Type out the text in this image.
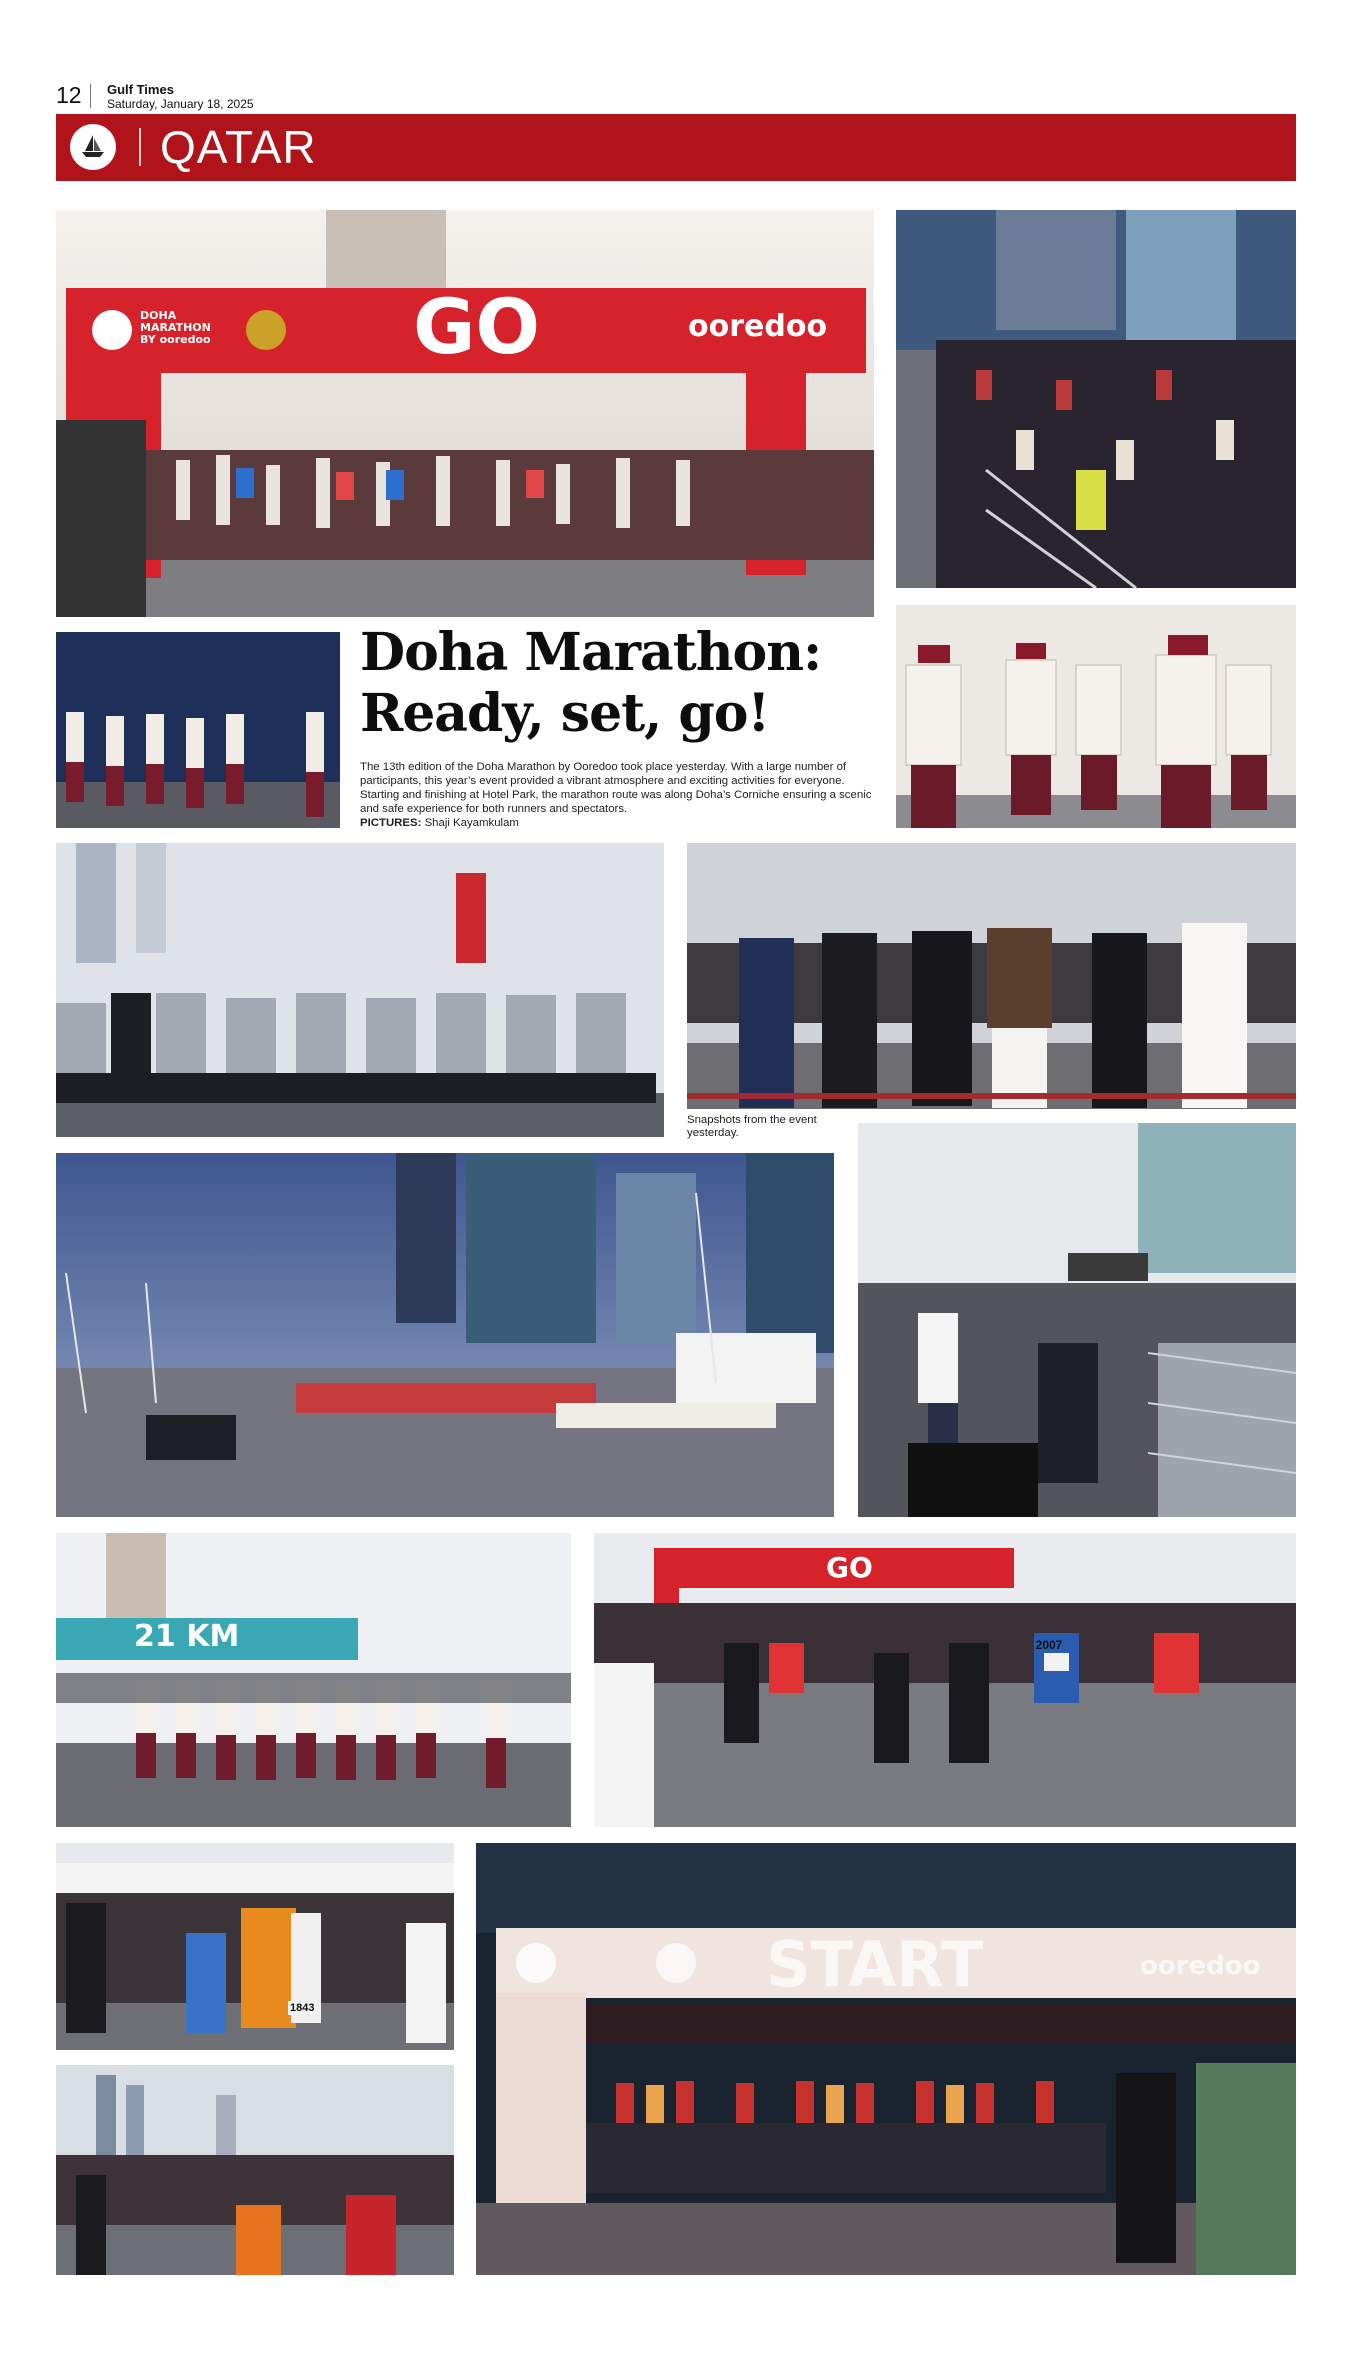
12 Gulf Times
Saturday, January 18, 2025
QATAR
GO	ooredoo
DOHA
MARATHON
BY ooredoo
Doha Marathon:
Ready, set, go!
The 13th edition of the Doha Marathon by Ooredoo took place yesterday. With a large number of participants, this year’s event provided a vibrant atmosphere and exciting activities for everyone. Starting and finishing at Hotel Park, the marathon route was along Doha’s Corniche ensuring a scenic and safe experience for both runners and spectators.
PICTURES: Shaji Kayamkulam
Snapshots from the event yesterday.
21 KM
GO
2007
1843
START	ooredoo
